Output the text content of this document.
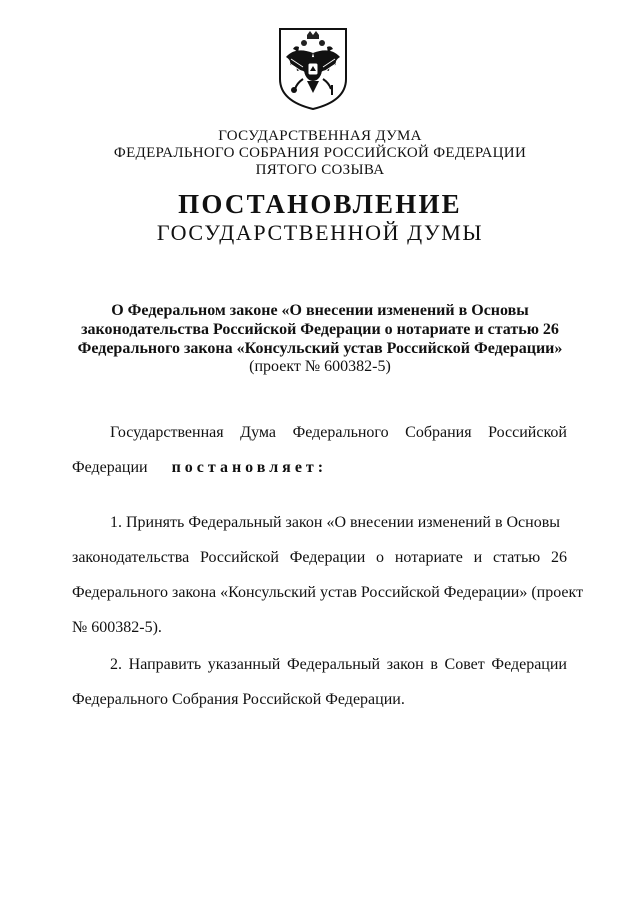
ГОСУДАРСТВЕННАЯ ДУМА
ФЕДЕРАЛЬНОГО СОБРАНИЯ РОССИЙСКОЙ ФЕДЕРАЦИИ
ПЯТОГО СОЗЫВА
ПОСТАНОВЛЕНИЕ
ГОСУДАРСТВЕННОЙ ДУМЫ
О Федеральном законе «О внесении изменений в Основы
законодательства Российской Федерации о нотариате и статью 26
Федерального закона «Консульский устав Российской Федерации»
(проект № 600382-5)
Государственная Дума Федерального Собрания Российской
Федерации постановляет:
1. Принять Федеральный закон «О внесении изменений в Основы
законодательства Российской Федерации о нотариате и статью 26
Федерального закона «Консульский устав Российской Федерации» (проект
№ 600382-5).
2. Направить указанный Федеральный закон в Совет Федерации
Федерального Собрания Российской Федерации.
